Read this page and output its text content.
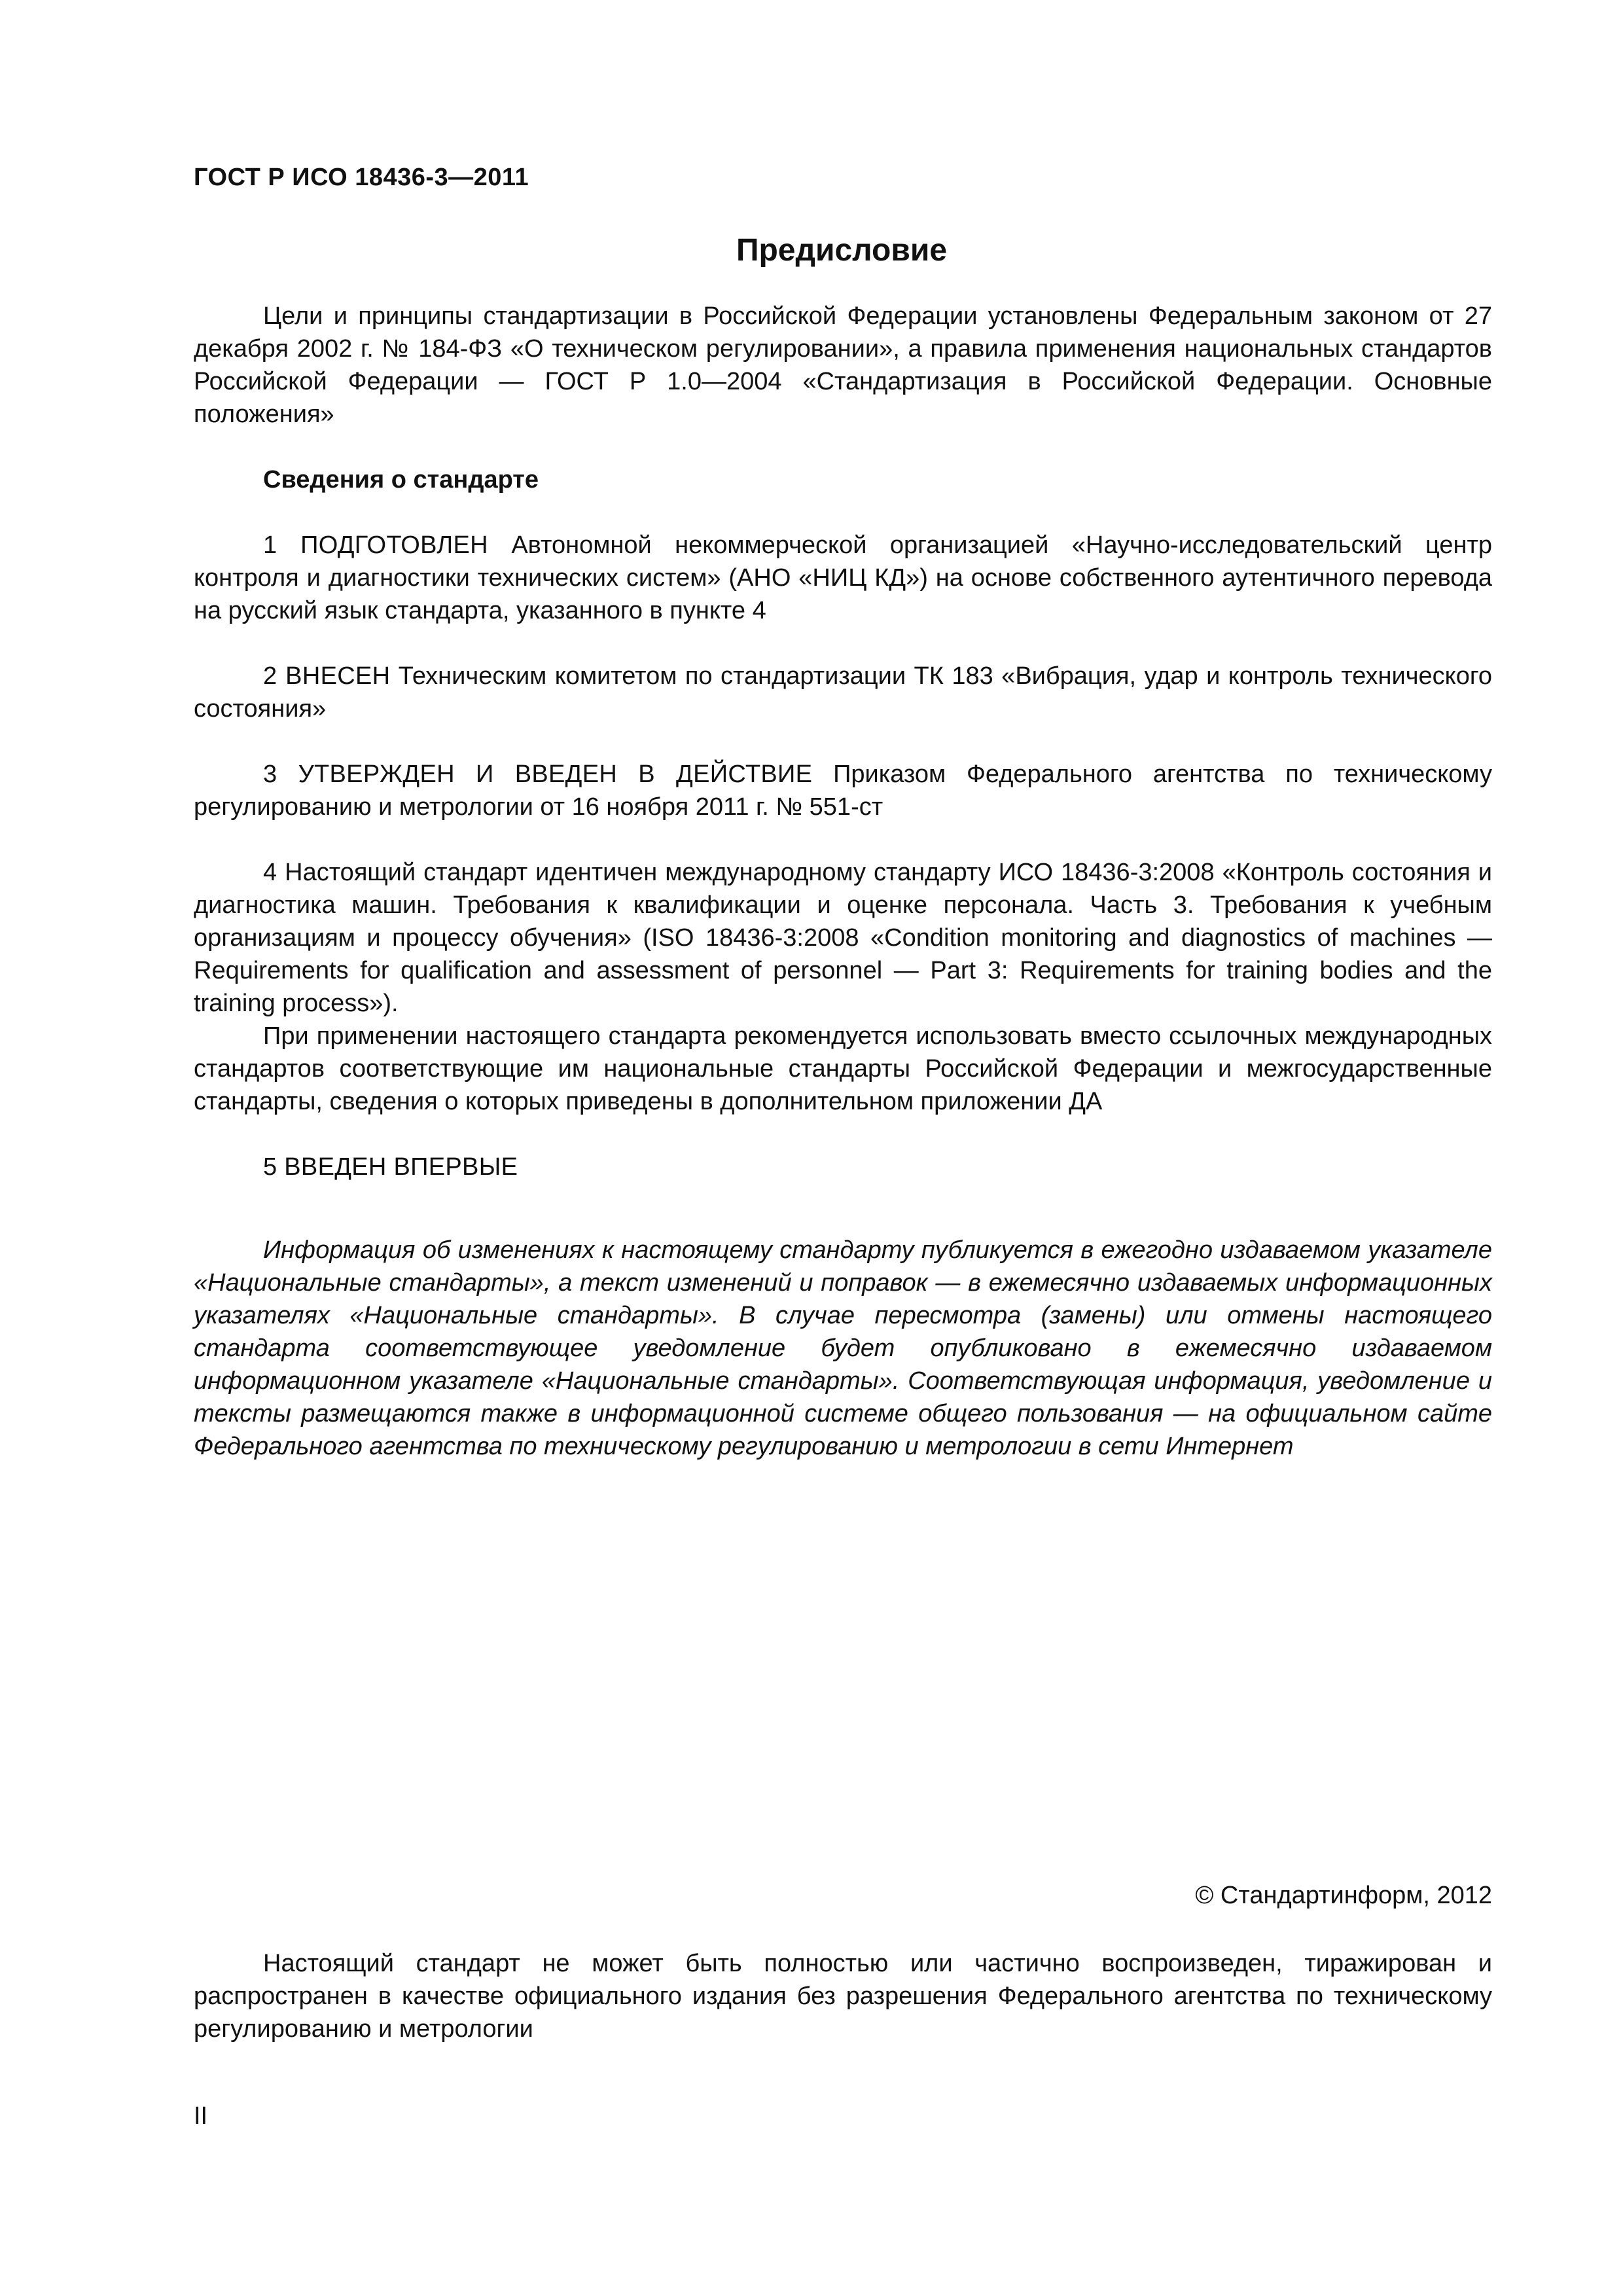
ГОСТ Р ИСО 18436-3—2011
Предисловие

Цели и принципы стандартизации в Российской Федерации установлены Федеральным законом от 27 декабря 2002 г. № 184-ФЗ «О техническом регулировании», а правила применения национальных стандартов Российской Федерации — ГОСТ Р 1.0—2004 «Стандартизация в Российской Федерации. Основные положения»

Сведения о стандарте

1 ПОДГОТОВЛЕН Автономной некоммерческой организацией «Научно-исследовательский центр контроля и диагностики технических систем» (АНО «НИЦ КД») на основе собственного аутентичного перевода на русский язык стандарта, указанного в пункте 4

2 ВНЕСЕН Техническим комитетом по стандартизации ТК 183 «Вибрация, удар и контроль технического состояния»

3 УТВЕРЖДЕН И ВВЕДЕН В ДЕЙСТВИЕ Приказом Федерального агентства по техническому регулированию и метрологии от 16 ноября 2011 г. № 551-ст

4 Настоящий стандарт идентичен международному стандарту ИСО 18436-3:2008 «Контроль состояния и диагностика машин. Требования к квалификации и оценке персонала. Часть 3. Требования к учебным организациям и процессу обучения» (ISO 18436-3:2008 «Condition monitoring and diagnostics of machines — Requirements for qualification and assessment of personnel — Part 3: Requirements for training bodies and the training process»).

При применении настоящего стандарта рекомендуется использовать вместо ссылочных международных стандартов соответствующие им национальные стандарты Российской Федерации и межгосударственные стандарты, сведения о которых приведены в дополнительном приложении ДА

5 ВВЕДЕН ВПЕРВЫЕ

Информация об изменениях к настоящему стандарту публикуется в ежегодно издаваемом указателе «Национальные стандарты», а текст изменений и поправок — в ежемесячно издаваемых информационных указателях «Национальные стандарты». В случае пересмотра (замены) или отмены настоящего стандарта соответствующее уведомление будет опубликовано в ежемесячно издаваемом информационном указателе «Национальные стандарты». Соответствующая информация, уведомление и тексты размещаются также в информационной системе общего пользования — на официальном сайте Федерального агентства по техническому регулированию и метрологии в сети Интернет

© Стандартинформ, 2012

Настоящий стандарт не может быть полностью или частично воспроизведен, тиражирован и распространен в качестве официального издания без разрешения Федерального агентства по техническому регулированию и метрологии

II
